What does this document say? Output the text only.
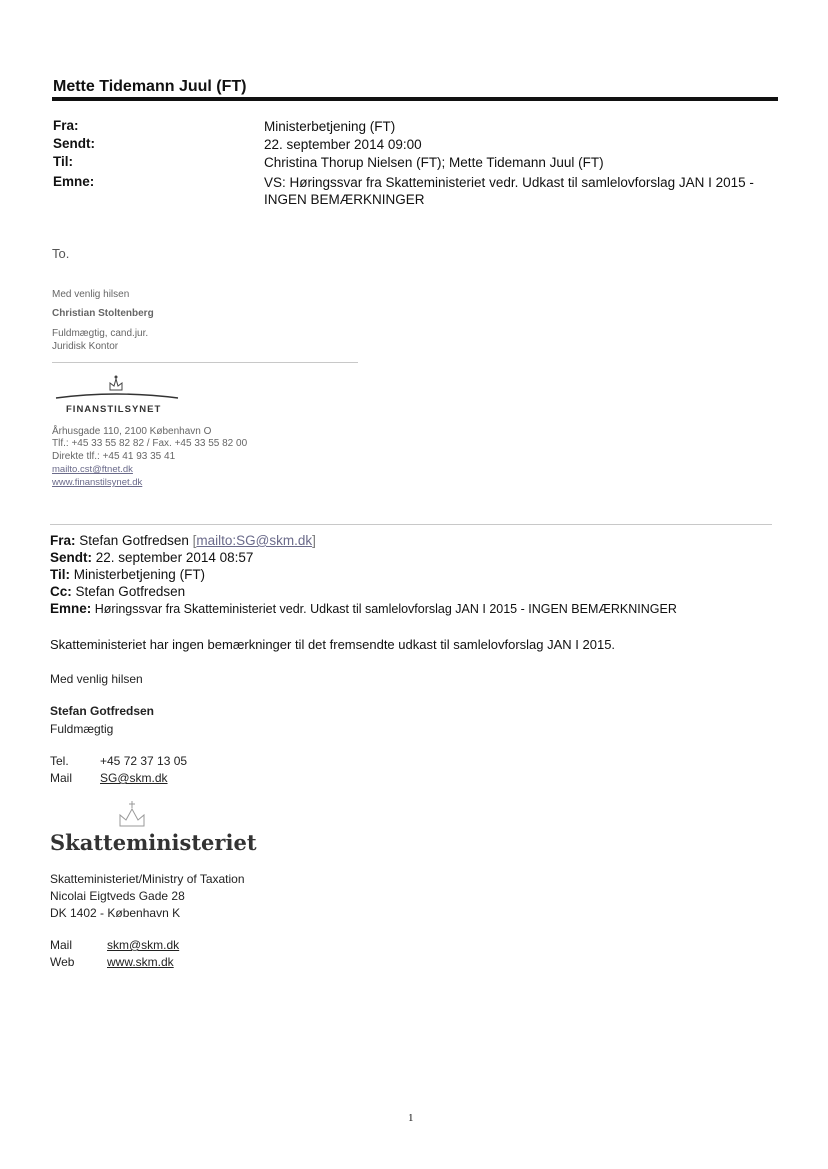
Mette Tidemann Juul (FT)
Fra:	Ministerbetjening (FT)
Sendt:	22. september 2014 09:00
Til:	Christina Thorup Nielsen (FT); Mette Tidemann Juul (FT)
Emne:	VS: Høringssvar fra Skatteministeriet vedr. Udkast til samlelovforslag JAN I 2015 - INGEN BEMÆRKNINGER
To.
Med venlig hilsen
Christian Stoltenberg
Fuldmægtig, cand.jur.
Juridisk Kontor
FINANSTILSYNET
Århusgade 110, 2100 København O
Tlf.: +45 33 55 82 82 / Fax. +45 33 55 82 00
Direkte tlf.: +45 41 93 35 41
mailto.cst@ftnet.dk
www.finanstilsynet.dk
Fra: Stefan Gotfredsen [mailto:SG@skm.dk]
Sendt: 22. september 2014 08:57
Til: Ministerbetjening (FT)
Cc: Stefan Gotfredsen
Emne: Høringssvar fra Skatteministeriet vedr. Udkast til samlelovforslag JAN I 2015 - INGEN BEMÆRKNINGER
Skatteministeriet har ingen bemærkninger til det fremsendte udkast til samlelovforslag JAN I 2015.
Med venlig hilsen
Stefan Gotfredsen
Fuldmægtig
Tel.	+45 72 37 13 05
Mail SG@skm.dk
Skatteministeriet
Skatteministeriet/Ministry of Taxation
Nicolai Eigtveds Gade 28
DK 1402 - København K
Mail	skm@skm.dk
Web	www.skm.dk
1
